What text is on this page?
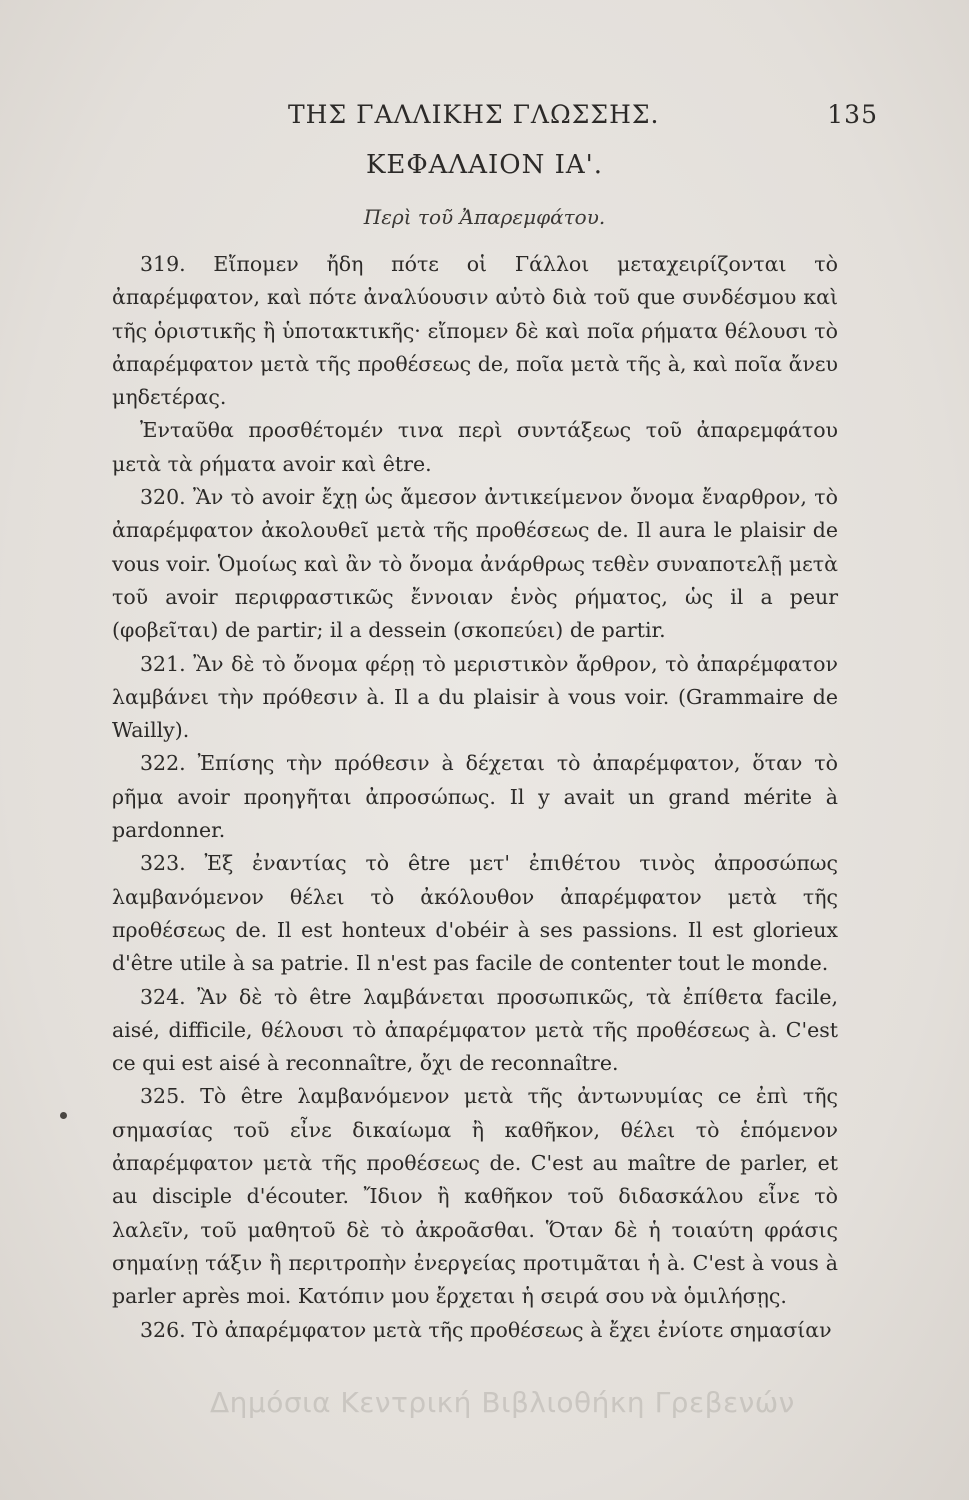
ΤΗΣ ΓΑΛΛΙΚΗΣ ΓΛΩΣΣΗΣ.	135
ΚΕΦΑΛΑΙΟΝ ΙΑ'.
Περὶ τοῦ Ἀπαρεμφάτου.

319. Εἴπομεν ἤδη πότε οἱ Γάλλοι μεταχειρίζονται τὸ ἀπαρέμφατον, καὶ πότε ἀναλύουσιν αὐτὸ διὰ τοῦ que συνδέσμου καὶ τῆς ὁριστικῆς ἢ ὑποτακτικῆς· εἴπομεν δὲ καὶ ποῖα ρήματα θέλουσι τὸ ἀπαρέμφατον μετὰ τῆς προθέσεως de, ποῖα μετὰ τῆς à, καὶ ποῖα ἄνευ μηδετέρας.

Ἐνταῦθα προσθέτομέν τινα περὶ συντάξεως τοῦ ἀπαρεμφάτου μετὰ τὰ ρήματα avoir καὶ être.

320. Ἂν τὸ avoir ἔχῃ ὡς ἄμεσον ἀντικείμενον ὄνομα ἔναρθρον, τὸ ἀπαρέμφατον ἀκολουθεῖ μετὰ τῆς προθέσεως de. Il aura le plaisir de vous voir. Ὁμοίως καὶ ἂν τὸ ὄνομα ἀνάρθρως τεθὲν συναποτελῇ μετὰ τοῦ avoir περιφραστικῶς ἔννοιαν ἑνὸς ρήματος, ὡς il a peur (φοβεῖται) de partir; il a dessein (σκοπεύει) de partir.

321. Ἂν δὲ τὸ ὄνομα φέρῃ τὸ μεριστικὸν ἄρθρον, τὸ ἀπαρέμφατον λαμβάνει τὴν πρόθεσιν à. Il a du plaisir à vous voir. (Grammaire de Wailly).

322. Ἐπίσης τὴν πρόθεσιν à δέχεται τὸ ἀπαρέμφατον, ὅταν τὸ ρῆμα avoir προηγῆται ἀπροσώπως. Il y avait un grand mérite à pardonner.

323. Ἐξ ἐναντίας τὸ être μετ' ἐπιθέτου τινὸς ἀπροσώπως λαμβανόμενον θέλει τὸ ἀκόλουθον ἀπαρέμφατον μετὰ τῆς προθέσεως de. Il est honteux d'obéir à ses passions. Il est glorieux d'être utile à sa patrie. Il n'est pas facile de contenter tout le monde.

324. Ἂν δὲ τὸ être λαμβάνεται προσωπικῶς, τὰ ἐπίθετα facile, aisé, difficile, θέλουσι τὸ ἀπαρέμφατον μετὰ τῆς προθέσεως à. C'est ce qui est aisé à reconnaître, ὄχι de reconnaître.

325. Τὸ être λαμβανόμενον μετὰ τῆς ἀντωνυμίας ce ἐπὶ τῆς σημασίας τοῦ εἶνε δικαίωμα ἢ καθῆκον, θέλει τὸ ἑπόμενον ἀπαρέμφατον μετὰ τῆς προθέσεως de. C'est au maître de parler, et au disciple d'écouter. Ἴδιον ἢ καθῆκον τοῦ διδασκάλου εἶνε τὸ λαλεῖν, τοῦ μαθητοῦ δὲ τὸ ἀκροᾶσθαι. Ὅταν δὲ ἡ τοιαύτη φράσις σημαίνῃ τάξιν ἢ περιτροπὴν ἐνεργείας προτιμᾶται ἡ à. C'est à vous à parler après moi. Κατόπιν μου ἔρχεται ἡ σειρά σου νὰ ὁμιλήσῃς.

326. Τὸ ἀπαρέμφατον μετὰ τῆς προθέσεως à ἔχει ἐνίοτε σημασίαν

Δημόσια Κεντρική Βιβλιοθήκη Γρεβενών
